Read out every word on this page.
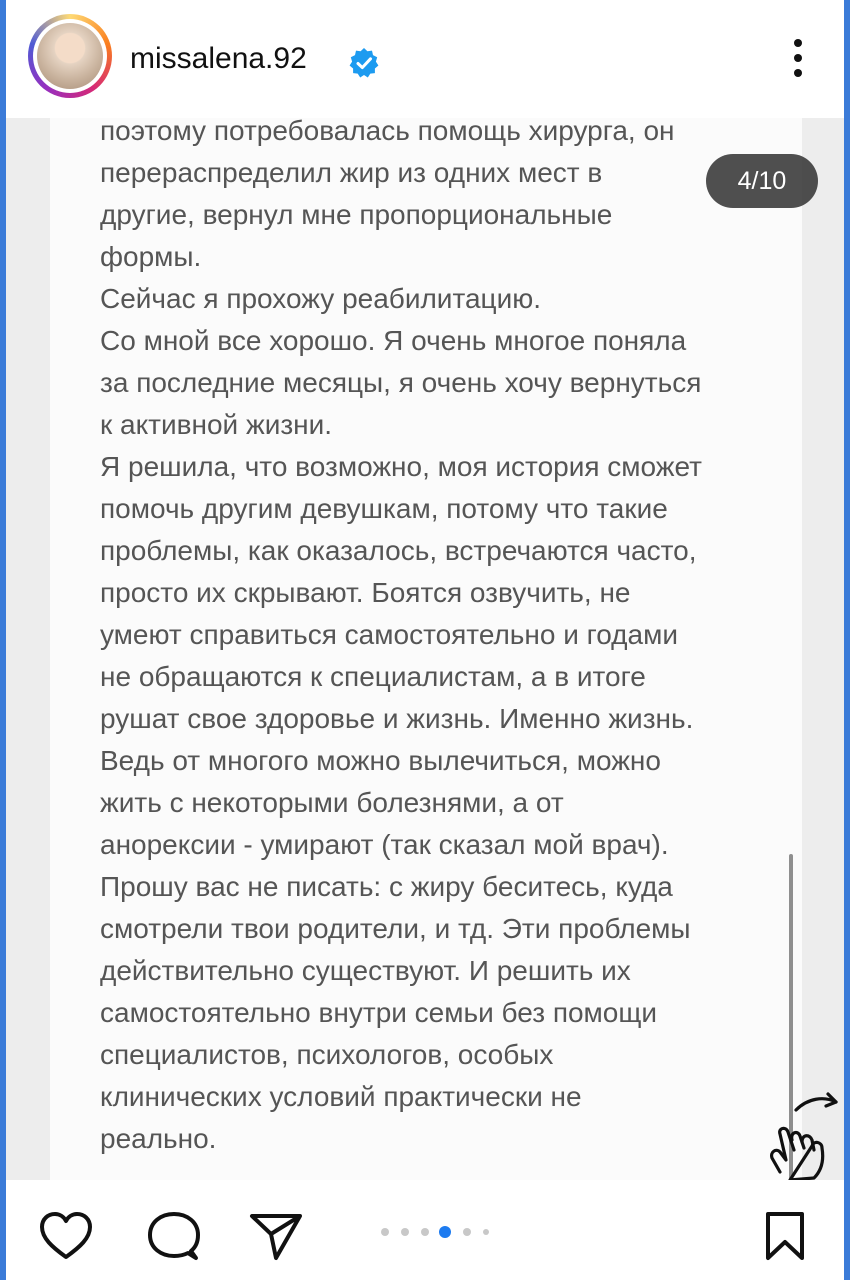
missalena.92

поэтому потребовалась помощь хирурга, он

перераспределил жир из одних мест в

другие, вернул мне пропорциональные

формы.

Сейчас я прохожу реабилитацию.

Со мной все хорошо. Я очень многое поняла

за последние месяцы, я очень хочу вернуться

к активной жизни.

Я решила, что возможно, моя история сможет

помочь другим девушкам, потому что такие

проблемы, как оказалось, встречаются часто,

просто их скрывают. Боятся озвучить, не

умеют справиться самостоятельно и годами

не обращаются к специалистам, а в итоге

рушат свое здоровье и жизнь. Именно жизнь.

Ведь от многого можно вылечиться, можно

жить с некоторыми болезнями, а от

анорексии - умирают (так сказал мой врач).

Прошу вас не писать: с жиру беситесь, куда

смотрели твои родители, и тд. Эти проблемы

действительно существуют. И решить их

самостоятельно внутри семьи без помощи

специалистов, психологов, особых

клинических условий практически не

реально.

4/10
